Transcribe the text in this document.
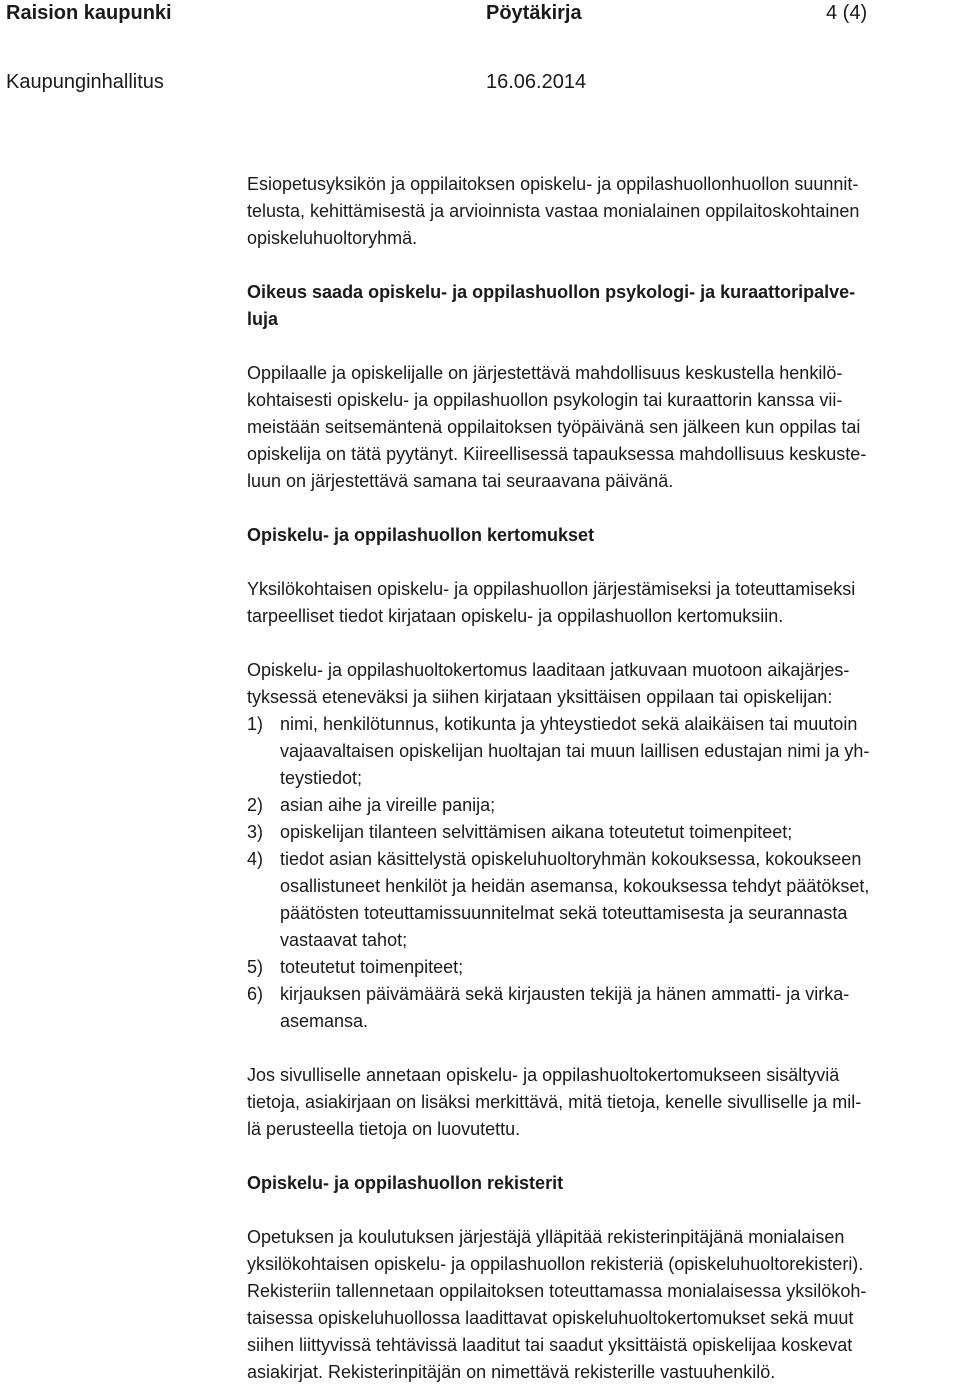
Raision kaupunki	Pöytäkirja	4 (4)
Kaupunginhallitus	16.06.2014

Esiopetusyksikön ja oppilaitoksen opiskelu- ja oppilashuollonhuollon suunnit-
telusta, kehittämisestä ja arvioinnista vastaa monialainen oppilaitoskohtainen
opiskeluhuoltoryhmä.

Oikeus saada opiskelu- ja oppilashuollon psykologi- ja kuraattoripalve-
luja

Oppilaalle ja opiskelijalle on järjestettävä mahdollisuus keskustella henkilö-
kohtaisesti opiskelu- ja oppilashuollon psykologin tai kuraattorin kanssa vii-
meistään seitsemäntenä oppilaitoksen työpäivänä sen jälkeen kun oppilas tai
opiskelija on tätä pyytänyt. Kiireellisessä tapauksessa mahdollisuus keskuste-
luun on järjestettävä samana tai seuraavana päivänä.

Opiskelu- ja oppilashuollon kertomukset

Yksilökohtaisen opiskelu- ja oppilashuollon järjestämiseksi ja toteuttamiseksi
tarpeelliset tiedot kirjataan opiskelu- ja oppilashuollon kertomuksiin.

Opiskelu- ja oppilashuoltokertomus laaditaan jatkuvaan muotoon aikajärjes-
tyksessä eteneväksi ja siihen kirjataan yksittäisen oppilaan tai opiskelijan:

1) nimi, henkilötunnus, kotikunta ja yhteystiedot sekä alaikäisen tai muutoin
vajaavaltaisen opiskelijan huoltajan tai muun laillisen edustajan nimi ja yh-
teystiedot;
2) asian aihe ja vireille panija;
3) opiskelijan tilanteen selvittämisen aikana toteutetut toimenpiteet;
4) tiedot asian käsittelystä opiskeluhuoltoryhmän kokouksessa, kokoukseen
osallistuneet henkilöt ja heidän asemansa, kokouksessa tehdyt päätökset,
päätösten toteuttamissuunnitelmat sekä toteuttamisesta ja seurannasta
vastaavat tahot;
5) toteutetut toimenpiteet;
6) kirjauksen päivämäärä sekä kirjausten tekijä ja hänen ammatti- ja virka-
asemansa.

Jos sivulliselle annetaan opiskelu- ja oppilashuoltokertomukseen sisältyviä
tietoja, asiakirjaan on lisäksi merkittävä, mitä tietoja, kenelle sivulliselle ja mil-
lä perusteella tietoja on luovutettu.

Opiskelu- ja oppilashuollon rekisterit

Opetuksen ja koulutuksen järjestäjä ylläpitää rekisterinpitäjänä monialaisen
yksilökohtaisen opiskelu- ja oppilashuollon rekisteriä (opiskeluhuoltorekisteri).
Rekisteriin tallennetaan oppilaitoksen toteuttamassa monialaisessa yksilökoh-
taisessa opiskeluhuollossa laadittavat opiskeluhuoltokertomukset sekä muut
siihen liittyvissä tehtävissä laaditut tai saadut yksittäistä opiskelijaa koskevat
asiakirjat. Rekisterinpitäjän on nimettävä rekisterille vastuuhenkilö.
